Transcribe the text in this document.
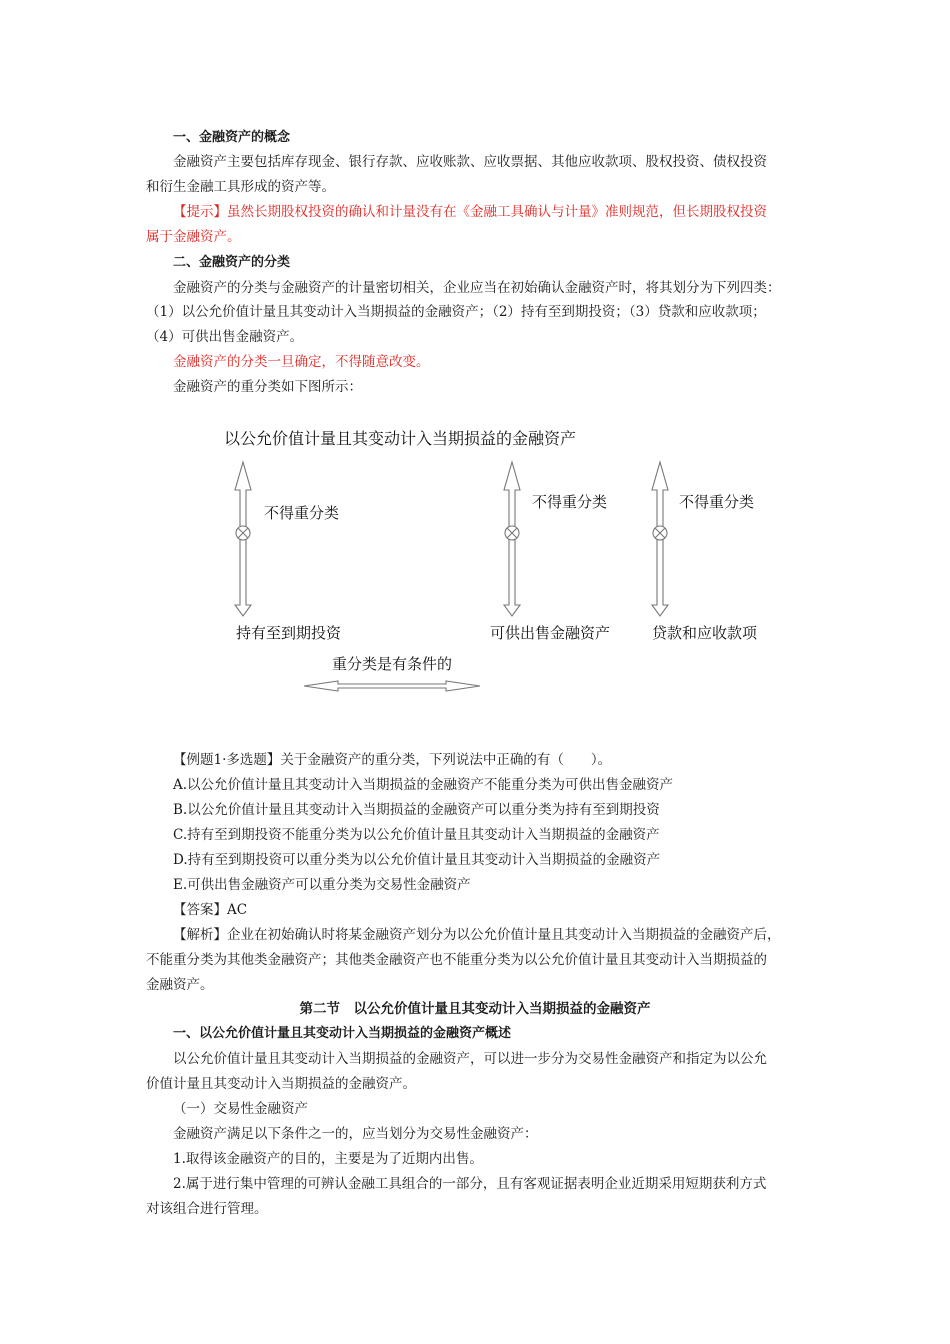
一、金融资产的概念
金融资产主要包括库存现金、银行存款、应收账款、应收票据、其他应收款项、股权投资、债权投资
和衍生金融工具形成的资产等。
【提示】虽然长期股权投资的确认和计量没有在《金融工具确认与计量》准则规范，但长期股权投资
属于金融资产。
二、金融资产的分类
金融资产的分类与金融资产的计量密切相关，企业应当在初始确认金融资产时，将其划分为下列四类：
（1）以公允价值计量且其变动计入当期损益的金融资产；（2）持有至到期投资；（3）贷款和应收款项；
（4）可供出售金融资产。
金融资产的分类一旦确定，不得随意改变。
金融资产的重分类如下图所示：
以公允价值计量且其变动计入当期损益的金融资产
不得重分类
不得重分类	不得重分类
持有至到期投资	可供出售金融资产	贷款和应收款项
重分类是有条件的
【例题1·多选题】关于金融资产的重分类，下列说法中正确的有（　　）。
A.以公允价值计量且其变动计入当期损益的金融资产不能重分类为可供出售金融资产
B.以公允价值计量且其变动计入当期损益的金融资产可以重分类为持有至到期投资
C.持有至到期投资不能重分类为以公允价值计量且其变动计入当期损益的金融资产
D.持有至到期投资可以重分类为以公允价值计量且其变动计入当期损益的金融资产
E.可供出售金融资产可以重分类为交易性金融资产
【答案】AC
【解析】企业在初始确认时将某金融资产划分为以公允价值计量且其变动计入当期损益的金融资产后，
不能重分类为其他类金融资产；其他类金融资产也不能重分类为以公允价值计量且其变动计入当期损益的
金融资产。
第二节　以公允价值计量且其变动计入当期损益的金融资产
一、以公允价值计量且其变动计入当期损益的金融资产概述
以公允价值计量且其变动计入当期损益的金融资产，可以进一步分为交易性金融资产和指定为以公允
价值计量且其变动计入当期损益的金融资产。
（一）交易性金融资产
金融资产满足以下条件之一的，应当划分为交易性金融资产：
1.取得该金融资产的目的，主要是为了近期内出售。
2.属于进行集中管理的可辨认金融工具组合的一部分，且有客观证据表明企业近期采用短期获利方式
对该组合进行管理。
